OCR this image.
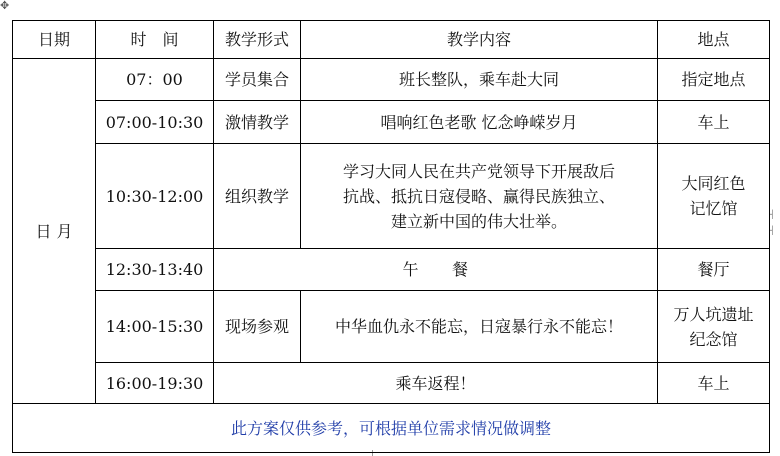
✥
┤
┤
日期	时　间	教学形式	教学内容	地点
日 月	07：00	学员集合	班长整队，乘车赴大同	指定地点
	07:00-10:30	激情教学	唱响红色老歌 忆念峥嵘岁月	车上
	10:30-12:00	组织教学	学习大同人民在共产党领导下开展敌后
抗战、抵抗日寇侵略、赢得民族独立、
建立新中国的伟大壮举。	大同红色
记忆馆

	12:30-13:40	午　　餐		餐厅
	14:00-15:30	现场参观	中华血仇永不能忘，日寇暴行永不能忘！	万人坑遗址
纪念馆

	16:00-19:30	乘车返程！		车上
此方案仅供参考，可根据单位需求情况做调整				
